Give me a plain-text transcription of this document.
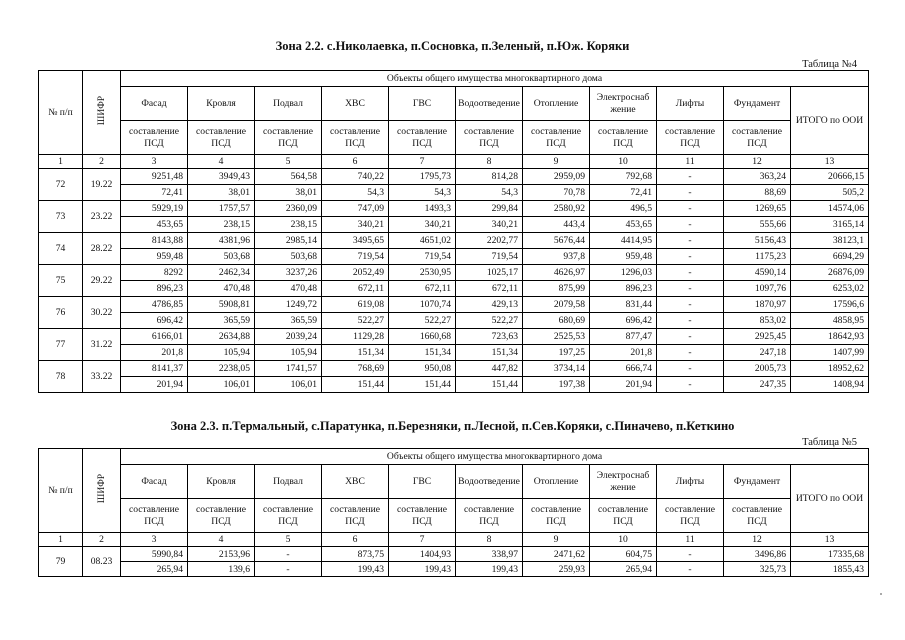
Зона 2.2. с.Николаевка, п.Сосновка, п.Зеленый, п.Юж. Коряки
Таблица №4
№ п/п	ШИФР	Объекты общего имущества многоквартирного дома										
		Фасад	Кровля	Подвал	ХВС	ГВС	Водоотведение	Отопление	Электроснаб жение	Лифты	Фундамент	ИТОГО по ООИ
		составление ПСД	составление ПСД	составление ПСД	составление ПСД	составление ПСД	составление ПСД	составление ПСД	составление ПСД	составление ПСД	составление ПСД	
1	2	3	4	5	6	7	8	9	10	11	12	13
72	19.22	9251,48	3949,43	564,58	740,22	1795,73	814,28	2959,09	792,68	-	363,24	20666,15
		72,41	38,01	38,01	54,3	54,3	54,3	70,78	72,41	-	88,69	505,2
73	23.22	5929,19	1757,57	2360,09	747,09	1493,3	299,84	2580,92	496,5	-	1269,65	14574,06
		453,65	238,15	238,15	340,21	340,21	340,21	443,4	453,65	-	555,66	3165,14
74	28.22	8143,88	4381,96	2985,14	3495,65	4651,02	2202,77	5676,44	4414,95	-	5156,43	38123,1
		959,48	503,68	503,68	719,54	719,54	719,54	937,8	959,48	-	1175,23	6694,29
75	29.22	8292	2462,34	3237,26	2052,49	2530,95	1025,17	4626,97	1296,03	-	4590,14	26876,09
		896,23	470,48	470,48	672,11	672,11	672,11	875,99	896,23	-	1097,76	6253,02
76	30.22	4786,85	5908,81	1249,72	619,08	1070,74	429,13	2079,58	831,44	-	1870,97	17596,6
		696,42	365,59	365,59	522,27	522,27	522,27	680,69	696,42	-	853,02	4858,95
77	31.22	6166,01	2634,88	2039,24	1129,28	1660,68	723,63	2525,53	877,47	-	2925,45	18642,93
		201,8	105,94	105,94	151,34	151,34	151,34	197,25	201,8	-	247,18	1407,99
78	33.22	8141,37	2238,05	1741,57	768,69	950,08	447,82	3734,14	666,74	-	2005,73	18952,62
		201,94	106,01	106,01	151,44	151,44	151,44	197,38	201,94	-	247,35	1408,94
Зона 2.3. п.Термальный, с.Паратунка, п.Березняки, п.Лесной, п.Сев.Коряки, с.Пиначево, п.Кеткино
Таблица №5
№ п/п	ШИФР	Объекты общего имущества многоквартирного дома										
		Фасад	Кровля	Подвал	ХВС	ГВС	Водоотведение	Отопление	Электроснаб жение	Лифты	Фундамент	ИТОГО по ООИ
		составление ПСД	составление ПСД	составление ПСД	составление ПСД	составление ПСД	составление ПСД	составление ПСД	составление ПСД	составление ПСД	составление ПСД	
1	2	3	4	5	6	7	8	9	10	11	12	13
79	08.23	5990,84	2153,96	-	873,75	1404,93	338,97	2471,62	604,75	-	3496,86	17335,68
		265,94	139,6	-	199,43	199,43	199,43	259,93	265,94	-	325,73	1855,43
